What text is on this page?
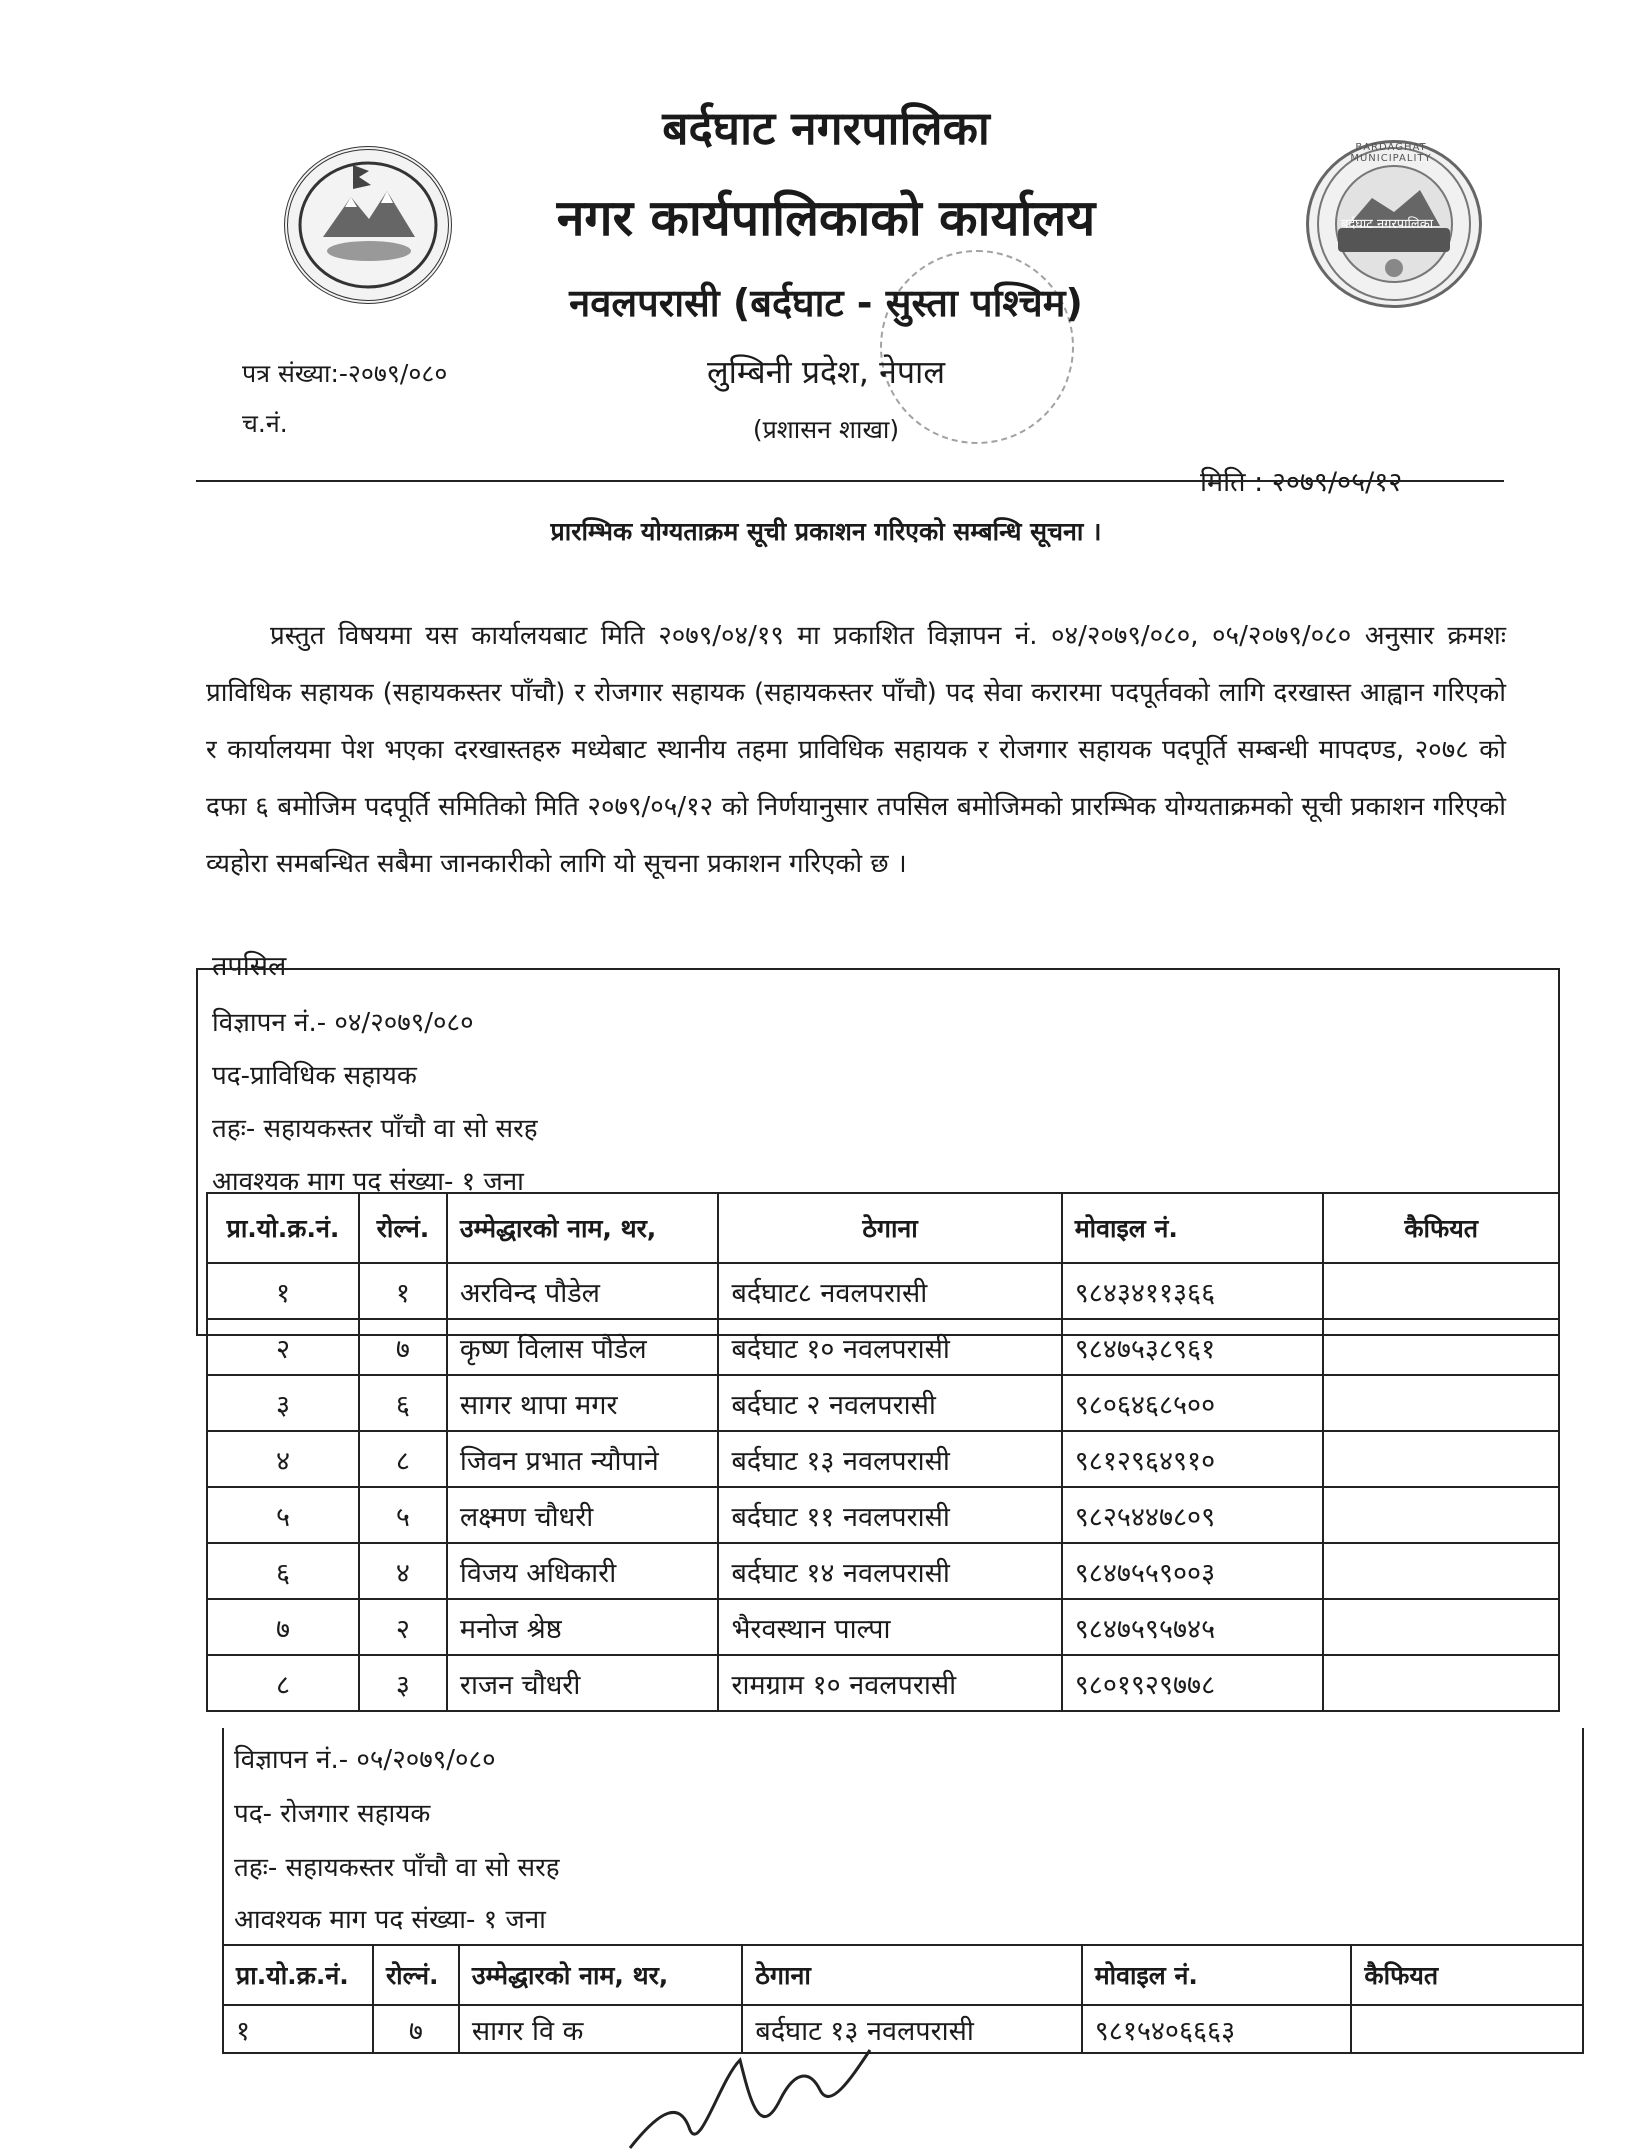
BARDAGHAT MUNICIPALITY
बर्दघाट नगरपालिका
बर्दघाट नगरपालिका
नगर कार्यपालिकाको कार्यालय
नवलपरासी (बर्दघाट - सुस्ता पश्चिम)
लुम्बिनी प्रदेश, नेपाल
(प्रशासन शाखा)
पत्र संख्या:-२०७९/०८०
च.नं.
मिति : २०७९/०५/१२
प्रारम्भिक योग्यताक्रम सूची प्रकाशन गरिएको सम्बन्धि सूचना ।
प्रस्तुत विषयमा यस कार्यालयबाट मिति २०७९/०४/१९ मा प्रकाशित विज्ञापन नं. ०४/२०७९/०८०, ०५/२०७९/०८० अनुसार क्रमशः प्राविधिक सहायक (सहायकस्तर पाँचौ) र रोजगार सहायक (सहायकस्तर पाँचौ) पद सेवा करारमा पदपूर्तवको लागि दरखास्त आह्वान गरिएको र कार्यालयमा पेश भएका दरखास्तहरु मध्येबाट स्थानीय तहमा प्राविधिक सहायक र रोजगार सहायक पदपूर्ति सम्बन्धी मापदण्ड, २०७८ को दफा ६ बमोजिम पदपूर्ति समितिको मिति २०७९/०५/१२ को निर्णयानुसार तपसिल बमोजिमको प्रारम्भिक योग्यताक्रमको सूची प्रकाशन गरिएको व्यहोरा समबन्धित सबैमा जानकारीको लागि यो सूचना प्रकाशन गरिएको छ ।
तपसिल
विज्ञापन नं.- ०४/२०७९/०८०
पद-प्राविधिक सहायक
तहः- सहायकस्तर पाँचौ वा सो सरह
आवश्यक माग पद संख्या- १ जना
प्रा.यो.क्र.नं.	रोल्नं.	उम्मेद्धारको नाम, थर,	ठेगाना	मोवाइल नं.	कैफियत
१	१	अरविन्द पौडेल	बर्दघाट८ नवलपरासी	९८४३४११३६६	
२	७	कृष्ण विलास पौडेल	बर्दघाट १० नवलपरासी	९८४७५३८९६१	
३	६	सागर थापा मगर	बर्दघाट २ नवलपरासी	९८०६४६८५००	
४	८	जिवन प्रभात न्यौपाने	बर्दघाट १३ नवलपरासी	९८१२९६४९१०	
५	५	लक्ष्मण चौधरी	बर्दघाट ११ नवलपरासी	९८२५४४७८०९	
६	४	विजय अधिकारी	बर्दघाट १४ नवलपरासी	९८४७५५९००३	
७	२	मनोज श्रेष्ठ	भैरवस्थान पाल्पा	९८४७५९५७४५	
८	३	राजन चौधरी	रामग्राम १० नवलपरासी	९८०१९२९७७८	
विज्ञापन नं.- ०५/२०७९/०८०
पद- रोजगार सहायक
तहः- सहायकस्तर पाँचौ वा सो सरह
आवश्यक माग पद संख्या- १ जना
प्रा.यो.क्र.नं.	रोल्नं.	उम्मेद्धारको नाम, थर,	ठेगाना	मोवाइल नं.	कैफियत
१	७	सागर वि क	बर्दघाट १३ नवलपरासी	९८१५४०६६६३	
